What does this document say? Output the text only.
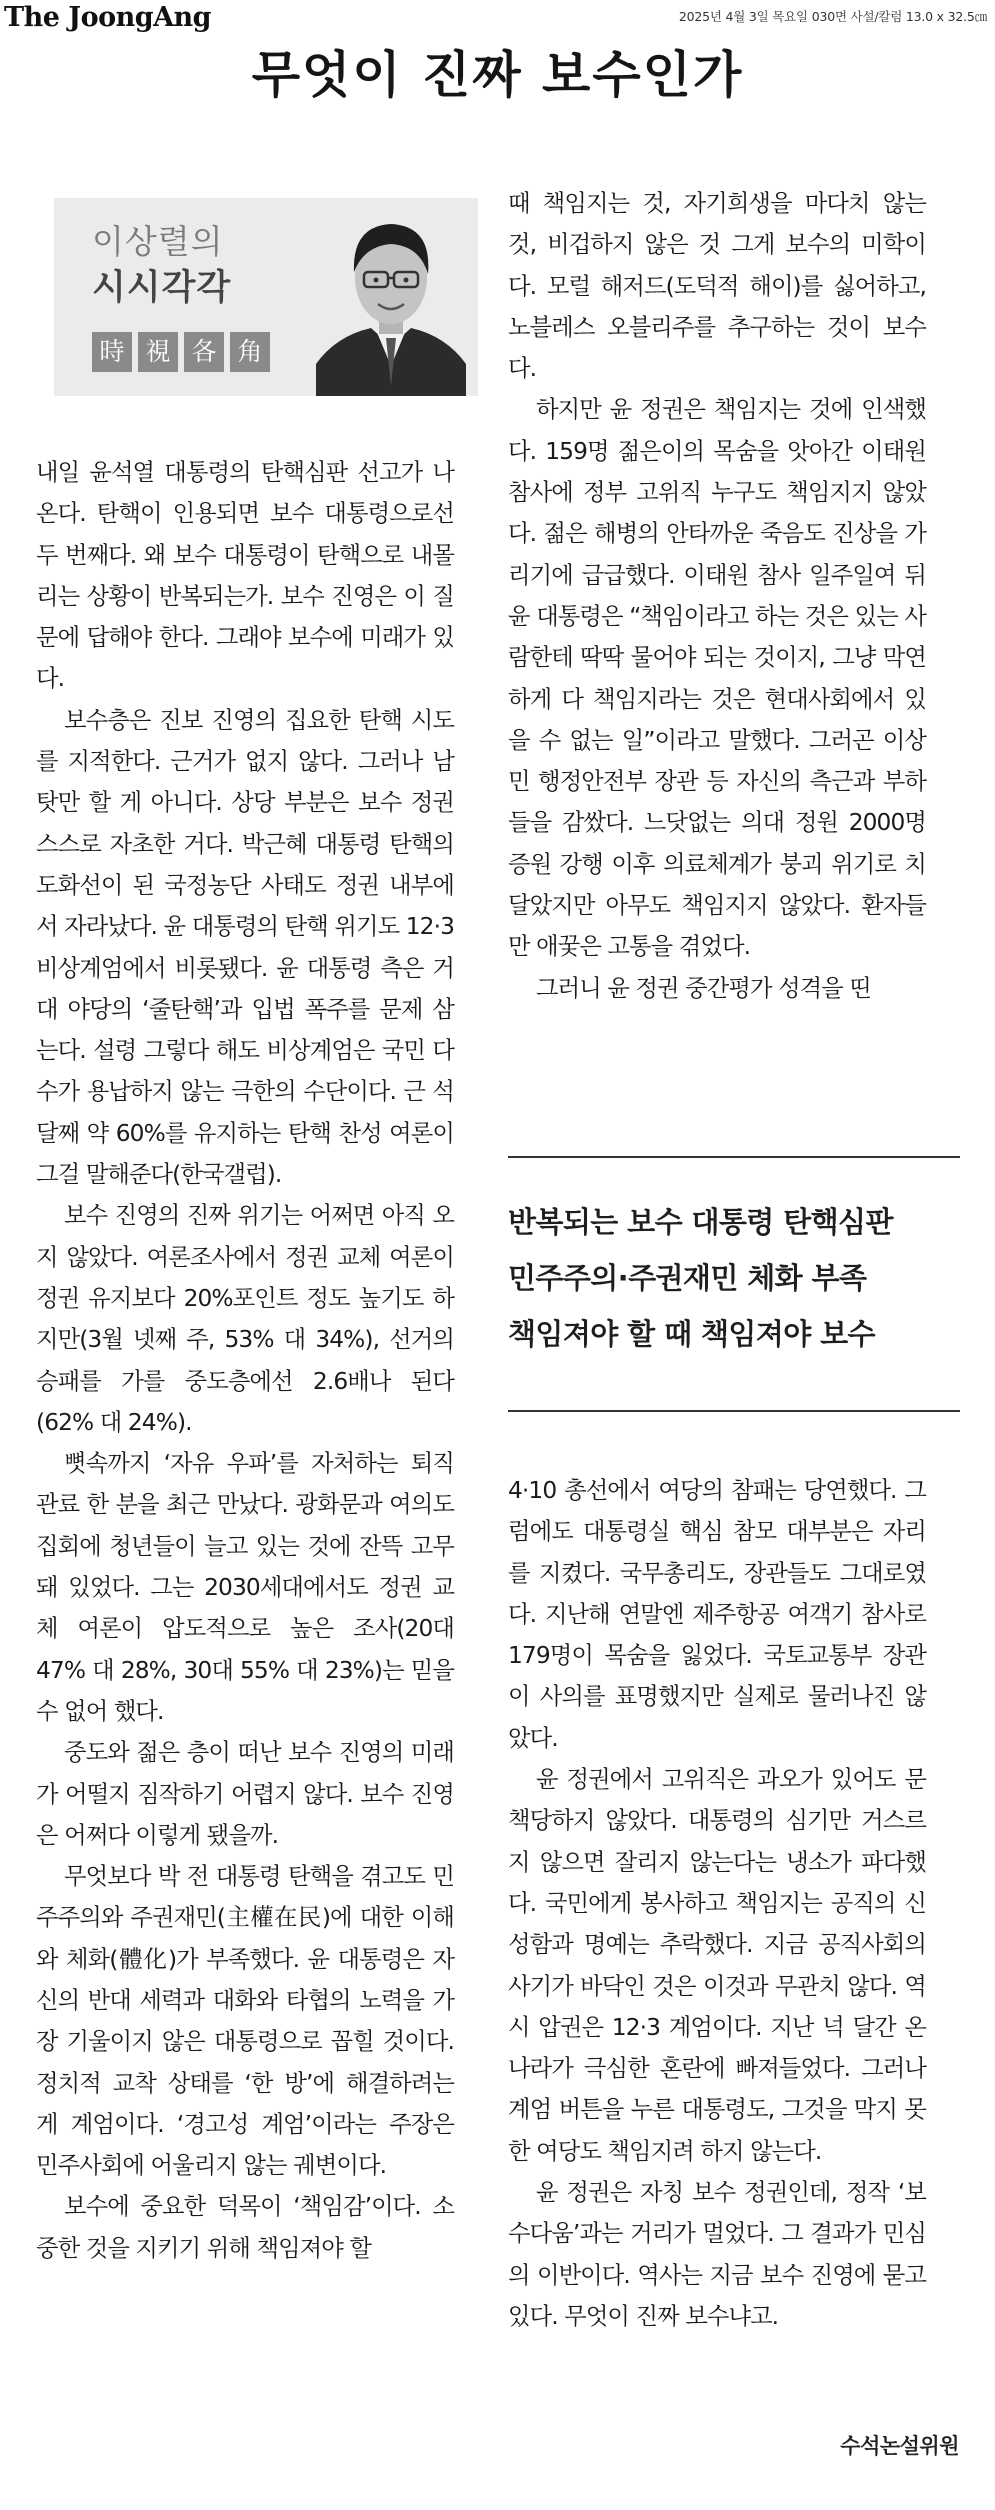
The JoongAng	2025년 4월 3일 목요일 030면 사설/칼럼 13.0 x 32.5㎝
무엇이 진짜 보수인가
이상렬의
시시각각
時 視 各 角

내일 윤석열 대통령의 탄핵심판 선고가 나온다. 탄핵이 인용되면 보수 대통령으로선 두 번째다. 왜 보수 대통령이 탄핵으로 내몰리는 상황이 반복되는가. 보수 진영은 이 질문에 답해야 한다. 그래야 보수에 미래가 있다.

보수층은 진보 진영의 집요한 탄핵 시도를 지적한다. 근거가 없지 않다. 그러나 남 탓만 할 게 아니다. 상당 부분은 보수 정권 스스로 자초한 거다. 박근혜 대통령 탄핵의 도화선이 된 국정농단 사태도 정권 내부에서 자라났다. 윤 대통령의 탄핵 위기도 12·3 비상계엄에서 비롯됐다. 윤 대통령 측은 거대 야당의 ‘줄탄핵’과 입법 폭주를 문제 삼는다. 설령 그렇다 해도 비상계엄은 국민 다수가 용납하지 않는 극한의 수단이다. 근 석 달째 약 60%를 유지하는 탄핵 찬성 여론이 그걸 말해준다(한국갤럽).

보수 진영의 진짜 위기는 어쩌면 아직 오지 않았다. 여론조사에서 정권 교체 여론이 정권 유지보다 20%포인트 정도 높기도 하지만(3월 넷째 주, 53% 대 34%), 선거의 승패를 가를 중도층에선 2.6배나 된다(62% 대 24%).

뼛속까지 ‘자유 우파’를 자처하는 퇴직 관료 한 분을 최근 만났다. 광화문과 여의도 집회에 청년들이 늘고 있는 것에 잔뜩 고무돼 있었다. 그는 2030세대에서도 정권 교체 여론이 압도적으로 높은 조사(20대 47% 대 28%, 30대 55% 대 23%)는 믿을 수 없어 했다.

중도와 젊은 층이 떠난 보수 진영의 미래가 어떨지 짐작하기 어렵지 않다. 보수 진영은 어쩌다 이렇게 됐을까.

무엇보다 박 전 대통령 탄핵을 겪고도 민주주의와 주권재민(主權在民)에 대한 이해와 체화(體化)가 부족했다. 윤 대통령은 자신의 반대 세력과 대화와 타협의 노력을 가장 기울이지 않은 대통령으로 꼽힐 것이다. 정치적 교착 상태를 ‘한 방’에 해결하려는 게 계엄이다. ‘경고성 계엄’이라는 주장은 민주사회에 어울리지 않는 궤변이다.

보수에 중요한 덕목이 ‘책임감’이다. 소중한 것을 지키기 위해 책임져야 할

때 책임지는 것, 자기희생을 마다치 않는 것, 비겁하지 않은 것 그게 보수의 미학이다. 모럴 해저드(도덕적 해이)를 싫어하고, 노블레스 오블리주를 추구하는 것이 보수다.

하지만 윤 정권은 책임지는 것에 인색했다. 159명 젊은이의 목숨을 앗아간 이태원 참사에 정부 고위직 누구도 책임지지 않았다. 젊은 해병의 안타까운 죽음도 진상을 가리기에 급급했다. 이태원 참사 일주일여 뒤 윤 대통령은 “책임이라고 하는 것은 있는 사람한테 딱딱 물어야 되는 것이지, 그냥 막연하게 다 책임지라는 것은 현대사회에서 있을 수 없는 일”이라고 말했다. 그러곤 이상민 행정안전부 장관 등 자신의 측근과 부하들을 감쌌다. 느닷없는 의대 정원 2000명 증원 강행 이후 의료체계가 붕괴 위기로 치달았지만 아무도 책임지지 않았다. 환자들만 애꿎은 고통을 겪었다.

그러니 윤 정권 중간평가 성격을 띤

반복되는 보수 대통령 탄핵심판
민주주의·주권재민 체화 부족
책임져야 할 때 책임져야 보수

4·10 총선에서 여당의 참패는 당연했다. 그럼에도 대통령실 핵심 참모 대부분은 자리를 지켰다. 국무총리도, 장관들도 그대로였다. 지난해 연말엔 제주항공 여객기 참사로 179명이 목숨을 잃었다. 국토교통부 장관이 사의를 표명했지만 실제로 물러나진 않았다.

윤 정권에서 고위직은 과오가 있어도 문책당하지 않았다. 대통령의 심기만 거스르지 않으면 잘리지 않는다는 냉소가 파다했다. 국민에게 봉사하고 책임지는 공직의 신성함과 명예는 추락했다. 지금 공직사회의 사기가 바닥인 것은 이것과 무관치 않다. 역시 압권은 12·3 계엄이다. 지난 넉 달간 온 나라가 극심한 혼란에 빠져들었다. 그러나 계엄 버튼을 누른 대통령도, 그것을 막지 못한 여당도 책임지려 하지 않는다.

윤 정권은 자칭 보수 정권인데, 정작 ‘보수다움’과는 거리가 멀었다. 그 결과가 민심의 이반이다. 역사는 지금 보수 진영에 묻고 있다. 무엇이 진짜 보수냐고.

수석논설위원
